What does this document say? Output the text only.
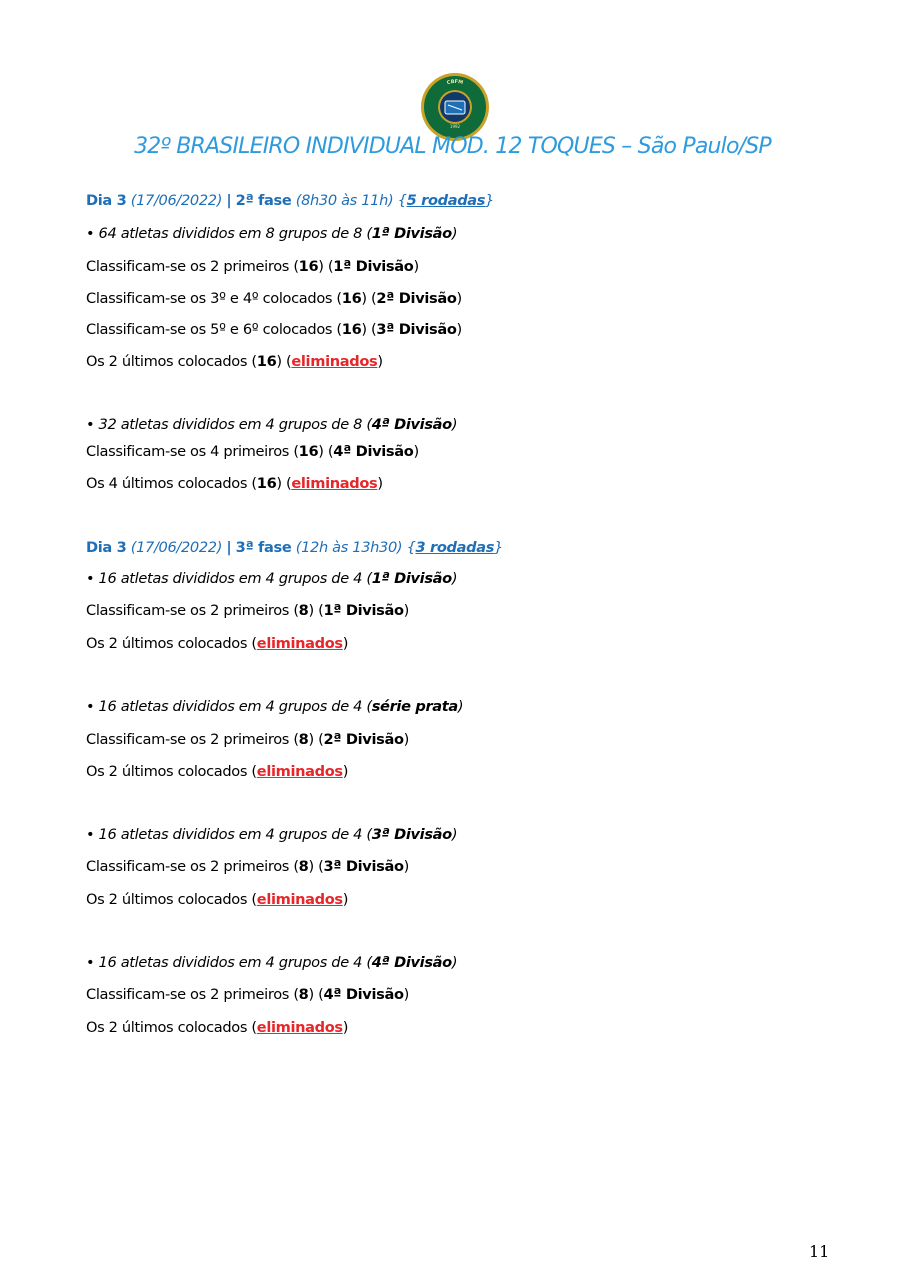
CBFM
1992
32º BRASILEIRO INDIVIDUAL MOD. 12 TOQUES – São Paulo/SP
Dia 3 (17/06/2022) | 2ª fase (8h30 às 11h) {5 rodadas}
• 64 atletas divididos em 8 grupos de 8 (1ª Divisão)
Classificam-se os 2 primeiros (16) (1ª Divisão)
Classificam-se os 3º e 4º colocados (16) (2ª Divisão)
Classificam-se os 5º e 6º colocados (16) (3ª Divisão)
Os 2 últimos colocados (16) (eliminados)
• 32 atletas divididos em 4 grupos de 8 (4ª Divisão)
Classificam-se os 4 primeiros (16) (4ª Divisão)
Os 4 últimos colocados (16) (eliminados)
Dia 3 (17/06/2022) | 3ª fase (12h às 13h30) {3 rodadas}
• 16 atletas divididos em 4 grupos de 4 (1ª Divisão)
Classificam-se os 2 primeiros (8) (1ª Divisão)
Os 2 últimos colocados (eliminados)
• 16 atletas divididos em 4 grupos de 4 (série prata)
Classificam-se os 2 primeiros (8) (2ª Divisão)
Os 2 últimos colocados (eliminados)
• 16 atletas divididos em 4 grupos de 4 (3ª Divisão)
Classificam-se os 2 primeiros (8) (3ª Divisão)
Os 2 últimos colocados (eliminados)
• 16 atletas divididos em 4 grupos de 4 (4ª Divisão)
Classificam-se os 2 primeiros (8) (4ª Divisão)
Os 2 últimos colocados (eliminados)
11
